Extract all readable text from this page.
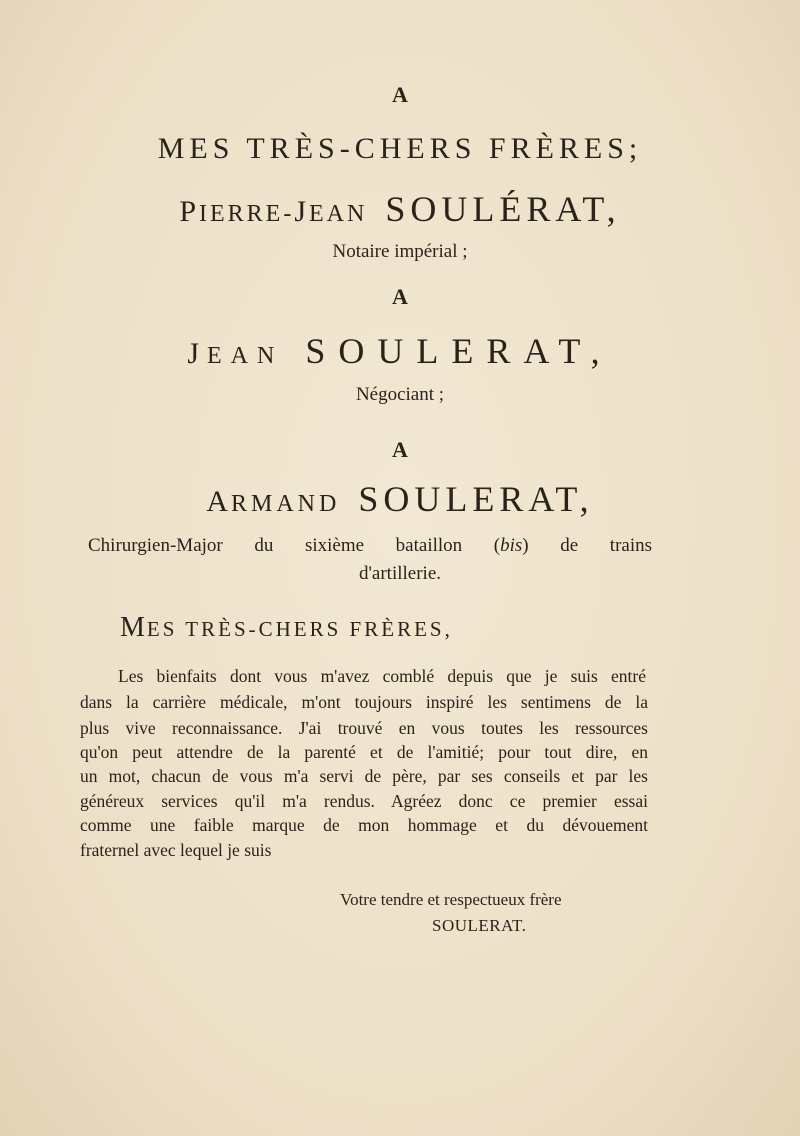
A
MES TRÈS-CHERS FRÈRES;
PIERRE-JEAN SOULÉRAT,
Notaire impérial ;
A
JEAN SOULERAT,
Négociant ;
A
ARMAND SOULERAT,
Chirurgien-Major du sixième bataillon (bis) de trains
d'artillerie.
MES TRÈS-CHERS FRÈRES,
Les bienfaits dont vous m'avez comblé depuis que je suis entré
dans la carrière médicale, m'ont toujours inspiré les sentimens de la
plus vive reconnaissance. J'ai trouvé en vous toutes les ressources
qu'on peut attendre de la parenté et de l'amitié; pour tout dire, en
un mot, chacun de vous m'a servi de père, par ses conseils et par les
généreux services qu'il m'a rendus. Agréez donc ce premier essai
comme une faible marque de mon hommage et du dévouement
fraternel avec lequel je suis
Votre tendre et respectueux frère
SOULERAT.
